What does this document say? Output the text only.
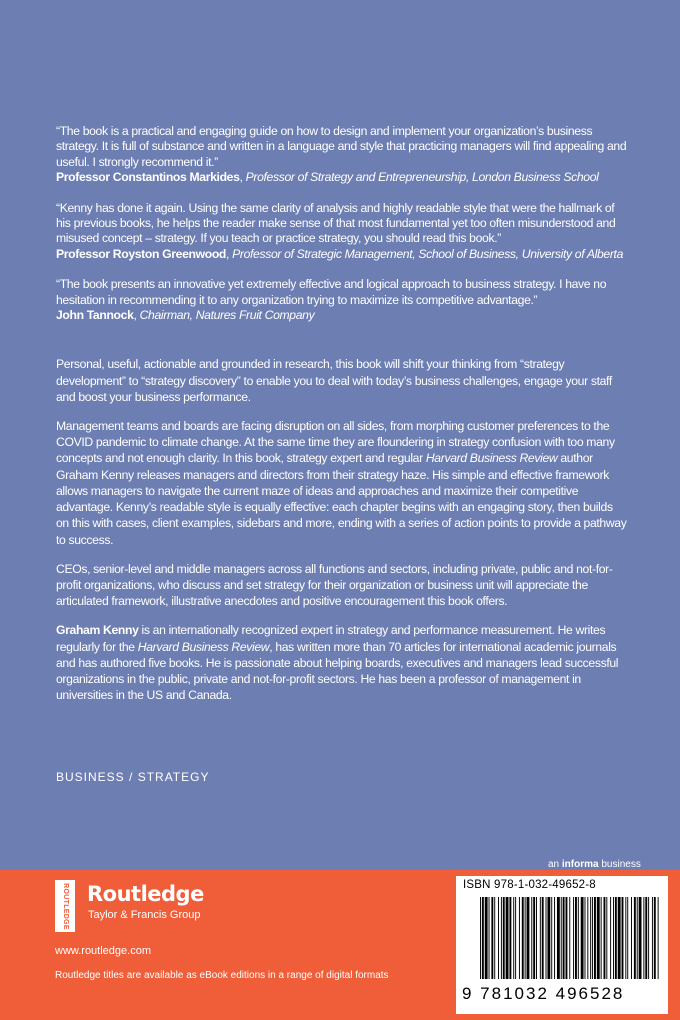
“The book is a practical and engaging guide on how to design and implement your organization’s business strategy. It is full of substance and written in a language and style that practicing managers will find appealing and useful. I strongly recommend it.”
Professor Constantinos Markides, Professor of Strategy and Entrepreneurship, London Business School
“Kenny has done it again. Using the same clarity of analysis and highly readable style that were the hallmark of his previous books, he helps the reader make sense of that most fundamental yet too often misunderstood and misused concept – strategy. If you teach or practice strategy, you should read this book.”
Professor Royston Greenwood, Professor of Strategic Management, School of Business, University of Alberta
“The book presents an innovative yet extremely effective and logical approach to business strategy. I have no hesitation in recommending it to any organization trying to maximize its competitive advantage.”
John Tannock, Chairman, Natures Fruit Company
Personal, useful, actionable and grounded in research, this book will shift your thinking from “strategy development” to “strategy discovery” to enable you to deal with today’s business challenges, engage your staff and boost your business performance.
Management teams and boards are facing disruption on all sides, from morphing customer preferences to the COVID pandemic to climate change. At the same time they are floundering in strategy confusion with too many concepts and not enough clarity. In this book, strategy expert and regular Harvard Business Review author Graham Kenny releases managers and directors from their strategy haze. His simple and effective framework allows managers to navigate the current maze of ideas and approaches and maximize their competitive advantage. Kenny’s readable style is equally effective: each chapter begins with an engaging story, then builds on this with cases, client examples, sidebars and more, ending with a series of action points to provide a pathway to success.
CEOs, senior-level and middle managers across all functions and sectors, including private, public and not-for-profit organizations, who discuss and set strategy for their organization or business unit will appreciate the articulated framework, illustrative anecdotes and positive encouragement this book offers.
Graham Kenny is an internationally recognized expert in strategy and performance measurement. He writes regularly for the Harvard Business Review, has written more than 70 articles for international academic journals and has authored five books. He is passionate about helping boards, executives and managers lead successful organizations in the public, private and not-for-profit sectors. He has been a professor of management in universities in the US and Canada.
BUSINESS / STRATEGY
an informa business
ROUTLEDGE Routledge
Taylor & Francis Group
www.routledge.com
Routledge titles are available as eBook editions in a range of digital formats
ISBN 978-1-032-49652-8
9 781032 496528
